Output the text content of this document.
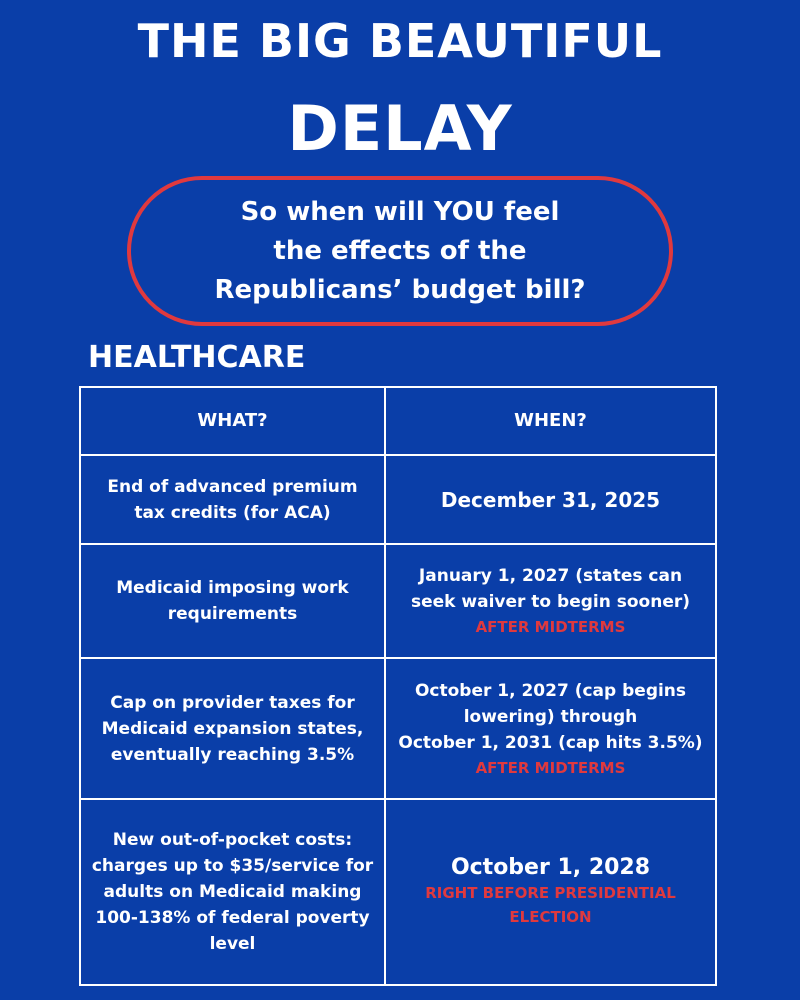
THE BIG BEAUTIFUL
DELAY
So when will YOU feel
the effects of the
Republicans’ budget bill?
HEALTHCARE
WHAT?	WHEN?
End of advanced premium tax credits (for ACA)	December 31, 2025

Medicaid imposing work requirements	January 1, 2027 (states can
seek waiver to begin sooner)
AFTER MIDTERMS

Cap on provider taxes for Medicaid expansion states, eventually reaching 3.5%	October 1, 2027 (cap begins
lowering) through
October 1, 2031 (cap hits 3.5%)
AFTER MIDTERMS

New out-of-pocket costs: charges up to $35/service for adults on Medicaid making 100-138% of federal poverty level	October 1, 2028
RIGHT BEFORE PRESIDENTIAL ELECTION
